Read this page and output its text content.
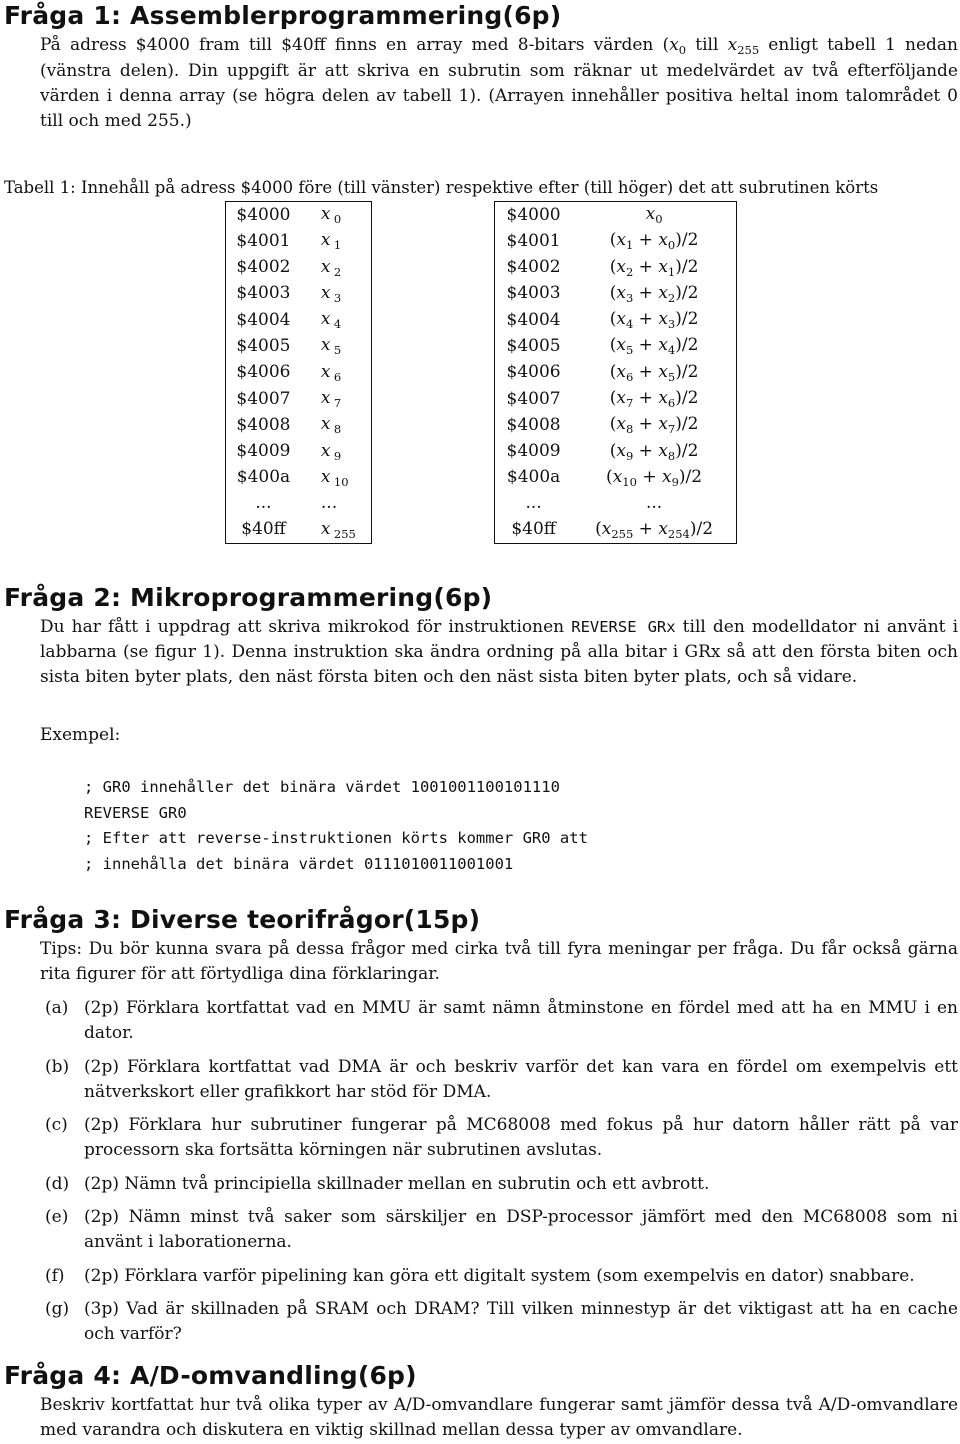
Fråga 1: Assemblerprogrammering(6p)

På adress $4000 fram till $40ff finns en array med 8-bitars värden ($x_0$ till $x_{255}$ enligt tabell 1 nedan (vänstra delen). Din uppgift är att skriva en subrutin som räknar ut medelvärdet av två efterföljande värden i denna array (se högra delen av tabell 1). (Arrayen innehåller positiva heltal inom talområdet 0 till och med 255.)

Tabell 1: Innehåll på adress $4000 före (till vänster) respektive efter (till höger) det att subrutinen körts

$4000	x  $_0$
$4001	x  $_1$
$4002	x  $_2$
$4003	x  $_3$
$4004	x  $_4$
$4005	x  $_5$
$4006	x  $_6$
$4007	x  $_7$
$4008	x  $_8$
$4009	x  $_9$
$400a	x  $_{10}$
...	...
$40ff	x  $_{255}$
$4000	$x_0$
$4001	$(x_1 + x_0)/2$
$4002	$(x_2 + x_1)/2$
$4003	$(x_3 + x_2)/2$
$4004	$(x_4 + x_3)/2$
$4005	$(x_5 + x_4)/2$
$4006	$(x_6 + x_5)/2$
$4007	$(x_7 + x_6)/2$
$4008	$(x_8 + x_7)/2$
$4009	$(x_9 + x_8)/2$
$400a	$(x_{10} + x_9)/2$
...	...
$40ff	$(x_{255} + x_{254})/2$
Fråga 2: Mikroprogrammering(6p)

Du har fått i uppdrag att skriva mikrokod för instruktionen REVERSE GRx till den modelldator ni använt i labbarna (se figur 1). Denna instruktion ska ändra ordning på alla bitar i GRx så att den första biten och sista biten byter plats, den näst första biten och den näst sista biten byter plats, och så vidare.

Exempel:

; GR0 innehåller det binära värdet 1001001100101110
REVERSE GR0
; Efter att reverse-instruktionen körts kommer GR0 att
; innehålla det binära värdet 0111010011001001
Fråga 3: Diverse teorifrågor(15p)

Tips: Du bör kunna svara på dessa frågor med cirka två till fyra meningar per fråga. Du får också gärna rita figurer för att förtydliga dina förklaringar.

(a) (2p) Förklara kortfattat vad en MMU är samt nämn åtminstone en fördel med att ha en MMU i en dator.
(b) (2p) Förklara kortfattat vad DMA är och beskriv varför det kan vara en fördel om exempelvis ett nätverkskort eller grafikkort har stöd för DMA.
(c) (2p) Förklara hur subrutiner fungerar på MC68008 med fokus på hur datorn håller rätt på var processorn ska fortsätta körningen när subrutinen avslutas.
(d) (2p) Nämn två principiella skillnader mellan en subrutin och ett avbrott.
(e) (2p) Nämn minst två saker som särskiljer en DSP-processor jämfört med den MC68008 som ni använt i laborationerna.
(f) (2p) Förklara varför pipelining kan göra ett digitalt system (som exempelvis en dator) snabbare.
(g) (3p) Vad är skillnaden på SRAM och DRAM? Till vilken minnestyp är det viktigast att ha en cache och varför?
Fråga 4: A/D-omvandling(6p)

Beskriv kortfattat hur två olika typer av A/D-omvandlare fungerar samt jämför dessa två A/D-omvandlare med varandra och diskutera en viktig skillnad mellan dessa typer av omvandlare.
